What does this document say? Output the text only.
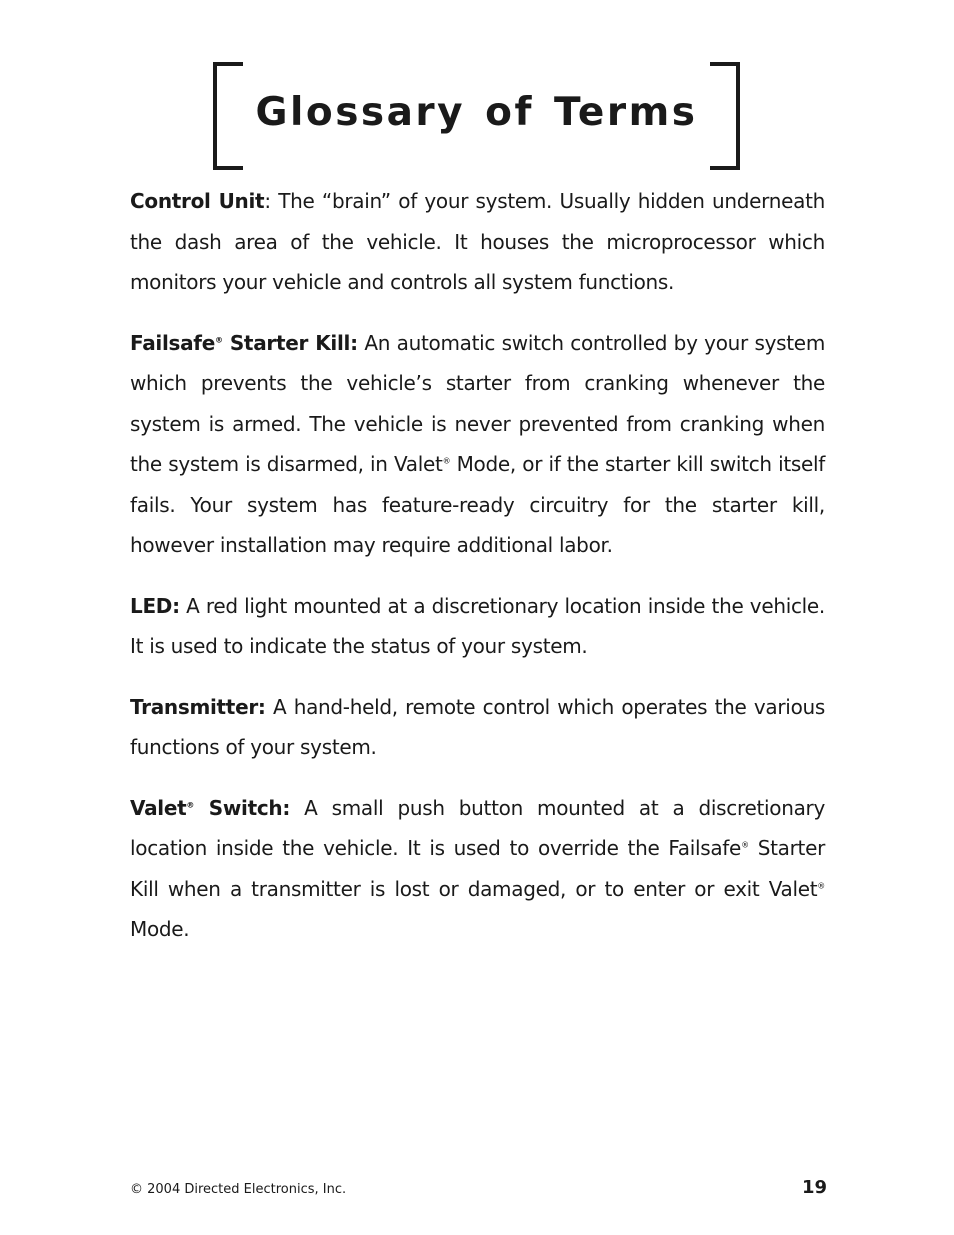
Glossary of Terms

Control Unit: The “brain” of your system. Usually hidden underneath the dash area of the vehicle. It houses the microprocessor which monitors your vehicle and controls all system functions.

Failsafe® Starter Kill: An automatic switch controlled by your system which prevents the vehicle’s starter from cranking whenever the system is armed. The vehicle is never prevented from cranking when the system is disarmed, in Valet® Mode, or if the starter kill switch itself fails. Your system has feature-ready circuitry for the starter kill, however installation may require additional labor.

LED: A red light mounted at a discretionary location inside the vehicle. It is used to indicate the status of your system.

Transmitter: A hand-held, remote control which operates the various functions of your system.

Valet® Switch: A small push button mounted at a discretionary location inside the vehicle. It is used to override the Failsafe® Starter Kill when a transmitter is lost or damaged, or to enter or exit Valet® Mode.

© 2004 Directed Electronics, Inc.	19
